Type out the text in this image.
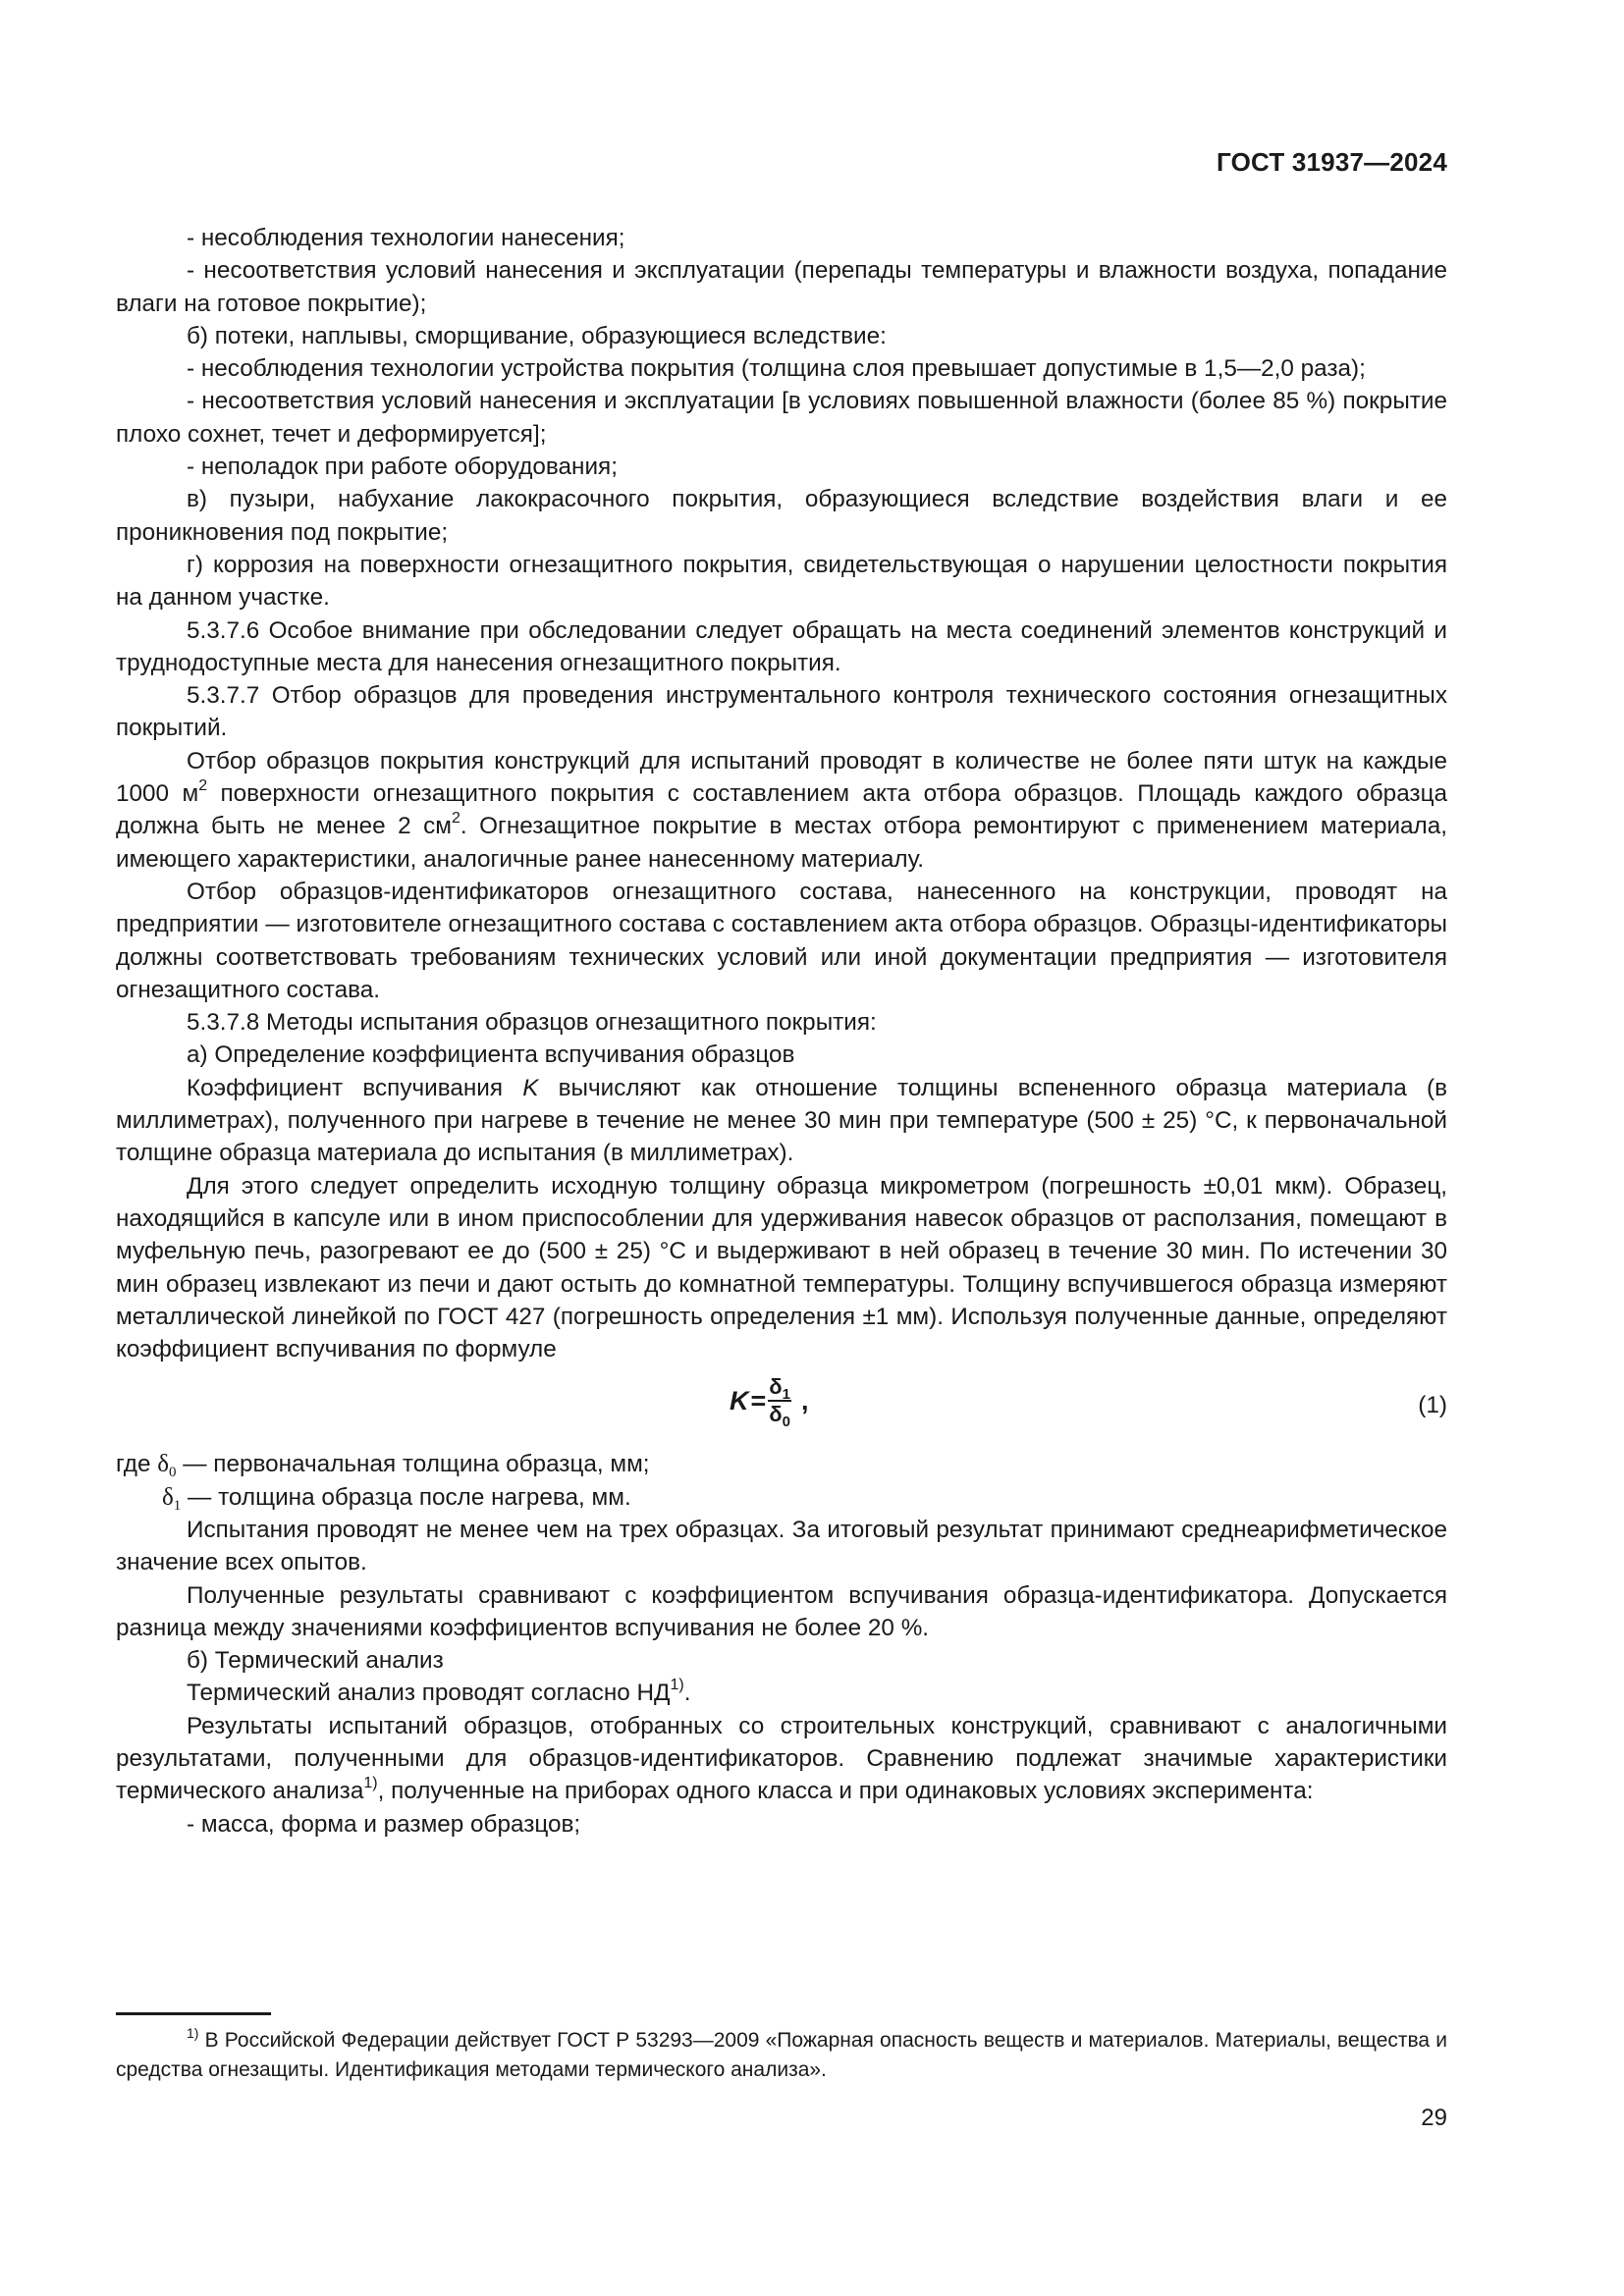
ГОСТ 31937—2024

- несоблюдения технологии нанесения;

- несоответствия условий нанесения и эксплуатации (перепады температуры и влажности воздуха, попадание влаги на готовое покрытие);

б) потеки, наплывы, сморщивание, образующиеся вследствие:

- несоблюдения технологии устройства покрытия (толщина слоя превышает допустимые в 1,5—2,0 раза);

- несоответствия условий нанесения и эксплуатации [в условиях повышенной влажности (более 85 %) покрытие плохо сохнет, течет и деформируется];

- неполадок при работе оборудования;

в) пузыри, набухание лакокрасочного покрытия, образующиеся вследствие воздействия влаги и ее проникновения под покрытие;

г) коррозия на поверхности огнезащитного покрытия, свидетельствующая о нарушении целостности покрытия на данном участке.

5.3.7.6 Особое внимание при обследовании следует обращать на места соединений элементов конструкций и труднодоступные места для нанесения огнезащитного покрытия.

5.3.7.7 Отбор образцов для проведения инструментального контроля технического состояния огнезащитных покрытий.

Отбор образцов покрытия конструкций для испытаний проводят в количестве не более пяти штук на каждые 1000 $м^2$ поверхности огнезащитного покрытия с составлением акта отбора образцов. Площадь каждого образца должна быть не менее 2 $см^2$. Огнезащитное покрытие в местах отбора ремонтируют с применением материала, имеющего характеристики, аналогичные ранее нанесенному материалу.

Отбор образцов-идентификаторов огнезащитного состава, нанесенного на конструкции, проводят на предприятии — изготовителе огнезащитного состава с составлением акта отбора образцов. Образцы-идентификаторы должны соответствовать требованиям технических условий или иной документации предприятия — изготовителя огнезащитного состава.

5.3.7.8 Методы испытания образцов огнезащитного покрытия:

а) Определение коэффициента вспучивания образцов

Коэффициент вспучивания K вычисляют как отношение толщины вспененного образца материала (в миллиметрах), полученного при нагреве в течение не менее 30 мин при температуре (500 ± 25) °С, к первоначальной толщине образца материала до испытания (в миллиметрах).

Для этого следует определить исходную толщину образца микрометром (погрешность ±0,01 мкм). Образец, находящийся в капсуле или в ином приспособлении для удерживания навесок образцов от расползания, помещают в муфельную печь, разогревают ее до (500 ± 25) °С и выдерживают в ней образец в течение 30 мин. По истечении 30 мин образец извлекают из печи и дают остыть до комнатной температуры. Толщину вспучившегося образца измеряют металлической линейкой по ГОСТ 427 (погрешность определения ±1 мм). Используя полученные данные, определяют коэффициент вспучивания по формуле

$K = \frac{\delta_1}{\delta_0}$ ,	(1)

где $\delta_0$ — первоначальная толщина образца, мм;

$\delta_1$ — толщина образца после нагрева, мм.

Испытания проводят не менее чем на трех образцах. За итоговый результат принимают среднеарифметическое значение всех опытов.

Полученные результаты сравнивают с коэффициентом вспучивания образца-идентификатора. Допускается разница между значениями коэффициентов вспучивания не более 20 %.

б) Термический анализ

Термический анализ проводят согласно НД$^{1)}$.

Результаты испытаний образцов, отобранных со строительных конструкций, сравнивают с аналогичными результатами, полученными для образцов-идентификаторов. Сравнению подлежат значимые характеристики термического анализа$^{1)}$, полученные на приборах одного класса и при одинаковых условиях эксперимента:

- масса, форма и размер образцов;

$^{1)}$ В Российской Федерации действует ГОСТ Р 53293—2009 «Пожарная опасность веществ и материалов. Материалы, вещества и средства огнезащиты. Идентификация методами термического анализа».

29
